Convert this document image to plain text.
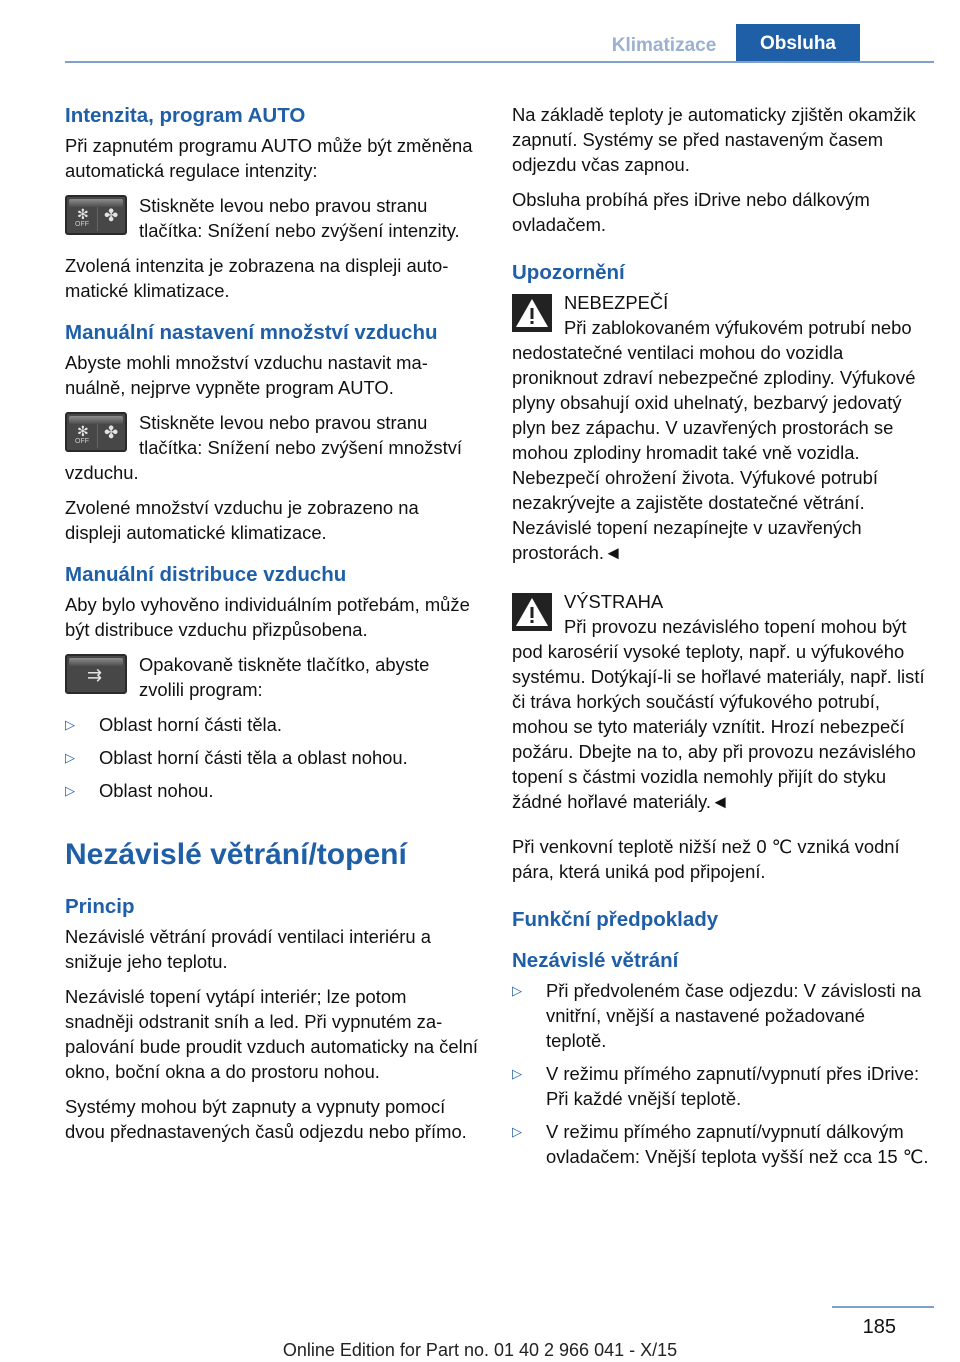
Klimatizace	Obsluha
Intenzita, program AUTO

Při zapnutém programu AUTO může být změněna automatická regulace intenzity:

✻
OFF ✤ Stiskněte levou nebo pravou stranu tlačítka: Snížení nebo zvýšení intenzity.

Zvolená intenzita je zobrazena na displeji automatické klimatizace.

Manuální nastavení množství vzduchu

Abyste mohli množství vzduchu nastavit manuálně, nejprve vypněte program AUTO.

✻
OFF ✤ Stiskněte levou nebo pravou stranu tlačítka: Snížení nebo zvýšení množství vzduchu.

Zvolené množství vzduchu je zobrazeno na displeji automatické klimatizace.

Manuální distribuce vzduchu

Aby bylo vyhověno individuálním potřebám, může být distribuce vzduchu přizpůsobena.

⇉ Opakovaně tiskněte tlačítko, abyste zvolili program:
▷ Oblast horní části těla.
▷ Oblast horní části těla a oblast nohou.
▷ Oblast nohou.
Nezávislé větrání/topení
Princip

Nezávislé větrání provádí ventilaci interiéru a snižuje jeho teplotu.

Nezávislé topení vytápí interiér; lze potom snadněji odstranit sníh a led. Při vypnutém zapalování bude proudit vzduch automaticky na čelní okno, boční okna a do prostoru nohou.

Systémy mohou být zapnuty a vypnuty pomocí dvou přednastavených časů odjezdu nebo přímo.

Na základě teploty je automaticky zjištěn okamžik zapnutí. Systémy se před nastaveným časem odjezdu včas zapnou.

Obsluha probíhá přes iDrive nebo dálkovým ovladačem.

Upozornění
NEBEZPEČÍ
Při zablokovaném výfukovém potrubí nebo nedostatečné ventilaci mohou do vozidla proniknout zdraví nebezpečné zplodiny. Výfukové plyny obsahují oxid uhelnatý, bezbarvý jedovatý plyn bez zápachu. V uzavřených prostorách se mohou zplodiny hromadit také vně vozidla. Nebezpečí ohrožení života. Výfukové potrubí nezakrývejte a zajistěte dostatečné větrání. Nezávislé topení nezapínejte v uzavřených prostorách.◄
VÝSTRAHA
Při provozu nezávislého topení mohou být pod karosérií vysoké teploty, např. u výfukového systému. Dotýkají-li se hořlavé materiály, např. listí či tráva horkých součástí výfukového potrubí, mohou se tyto materiály vznítit. Hrozí nebezpečí požáru. Dbejte na to, aby při provozu nezávislého topení s částmi vozidla nemohly přijít do styku žádné hořlavé materiály.◄

Při venkovní teplotě nižší než 0 ℃ vzniká vodní pára, která uniká pod připojení.

Funkční předpoklady
Nezávislé větrání
▷ Při předvoleném čase odjezdu: V závislosti na vnitřní, vnější a nastavené požadované teplotě.
▷ V režimu přímého zapnutí/vypnutí přes iDrive: Při každé vnější teplotě.
▷ V režimu přímého zapnutí/vypnutí dálkovým ovladačem: Vnější teplota vyšší než cca 15 ℃.
185
Online Edition for Part no. 01 40 2 966 041 - X/15
